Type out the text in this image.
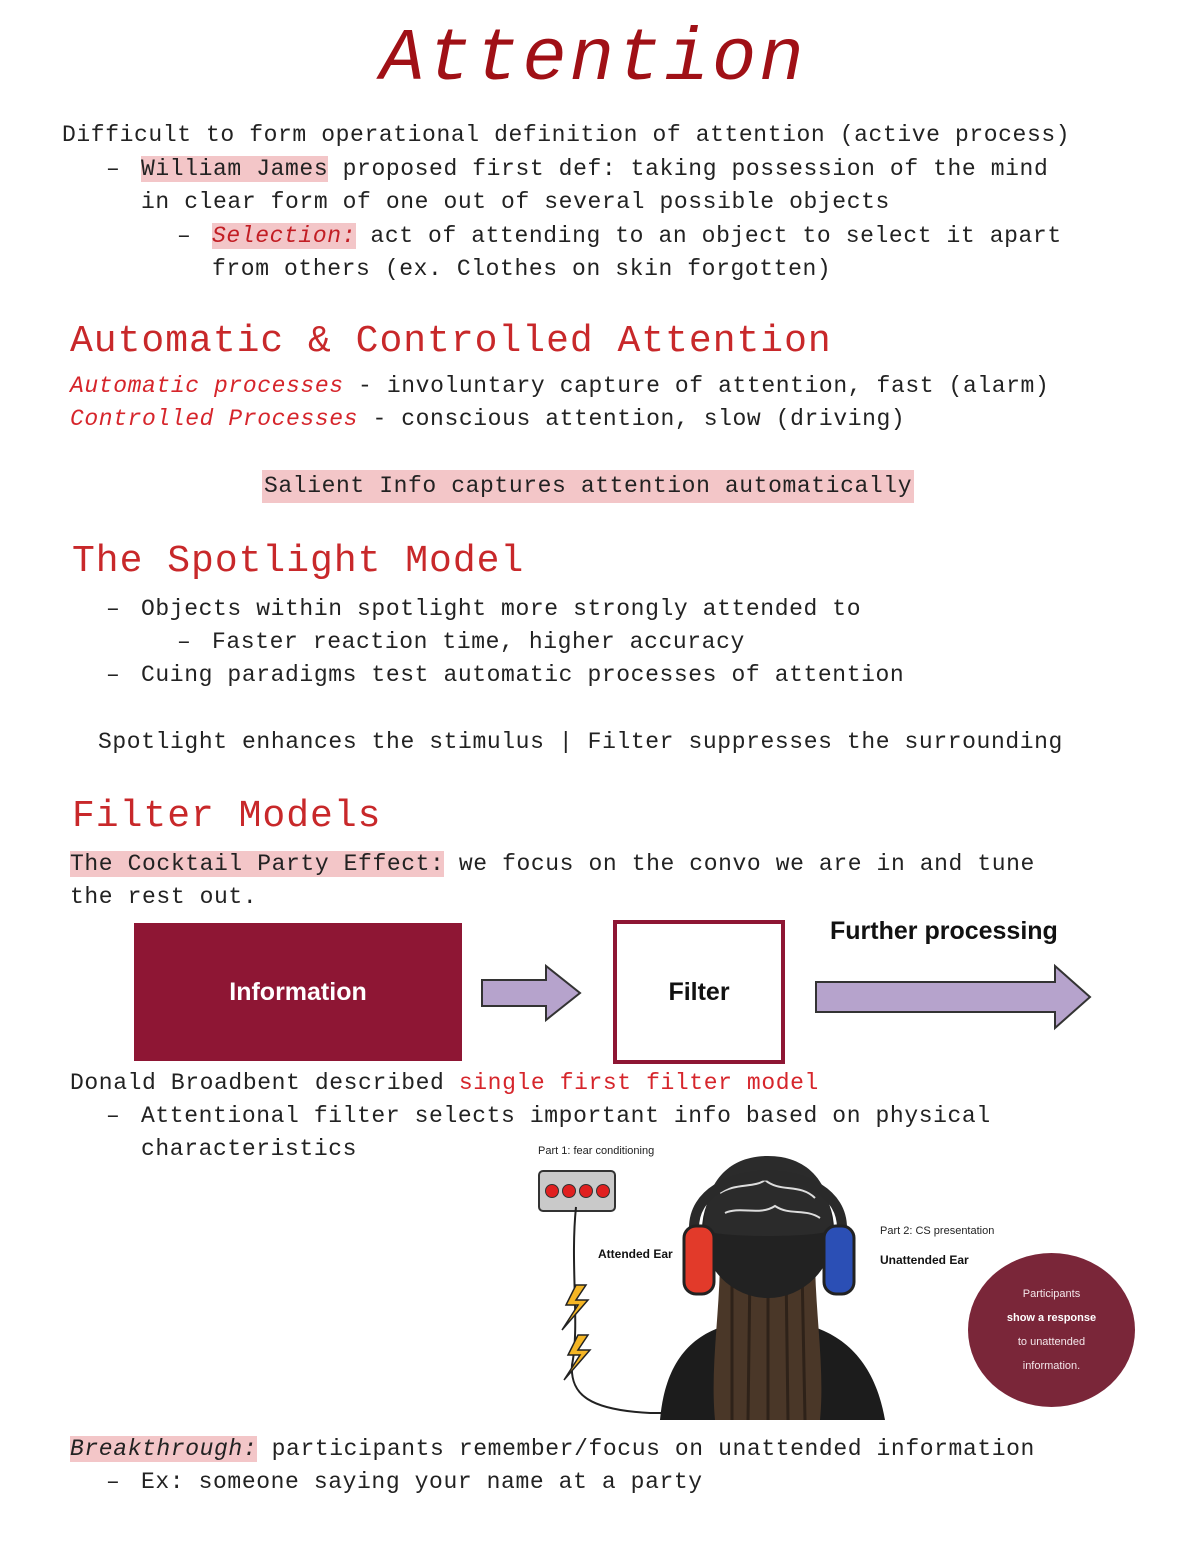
Attention
Difficult to form operational definition of attention (active process)
– William James proposed first def: taking possession of the mind
in clear form of one out of several possible objects
– Selection: act of attending to an object to select it apart
from others (ex. Clothes on skin forgotten)
Automatic & Controlled Attention
Automatic processes - involuntary capture of attention, fast (alarm)
Controlled Processes - conscious attention, slow (driving)
Salient Info captures attention automatically
The Spotlight Model
– Objects within spotlight more strongly attended to
– Faster reaction time, higher accuracy
– Cuing paradigms test automatic processes of attention
Spotlight enhances the stimulus | Filter suppresses the surrounding
Filter Models
The Cocktail Party Effect: we focus on the convo we are in and tune
the rest out.
Information	Filter
Further processing
Donald Broadbent described single first filter model
– Attentional filter selects important info based on physical
characteristics	Part 1: fear conditioning
Attended Ear
Part 2: CS presentation
Unattended Ear
Participants
show a response
to unattended
information.
Breakthrough: participants remember/focus on unattended information
– Ex: someone saying your name at a party
